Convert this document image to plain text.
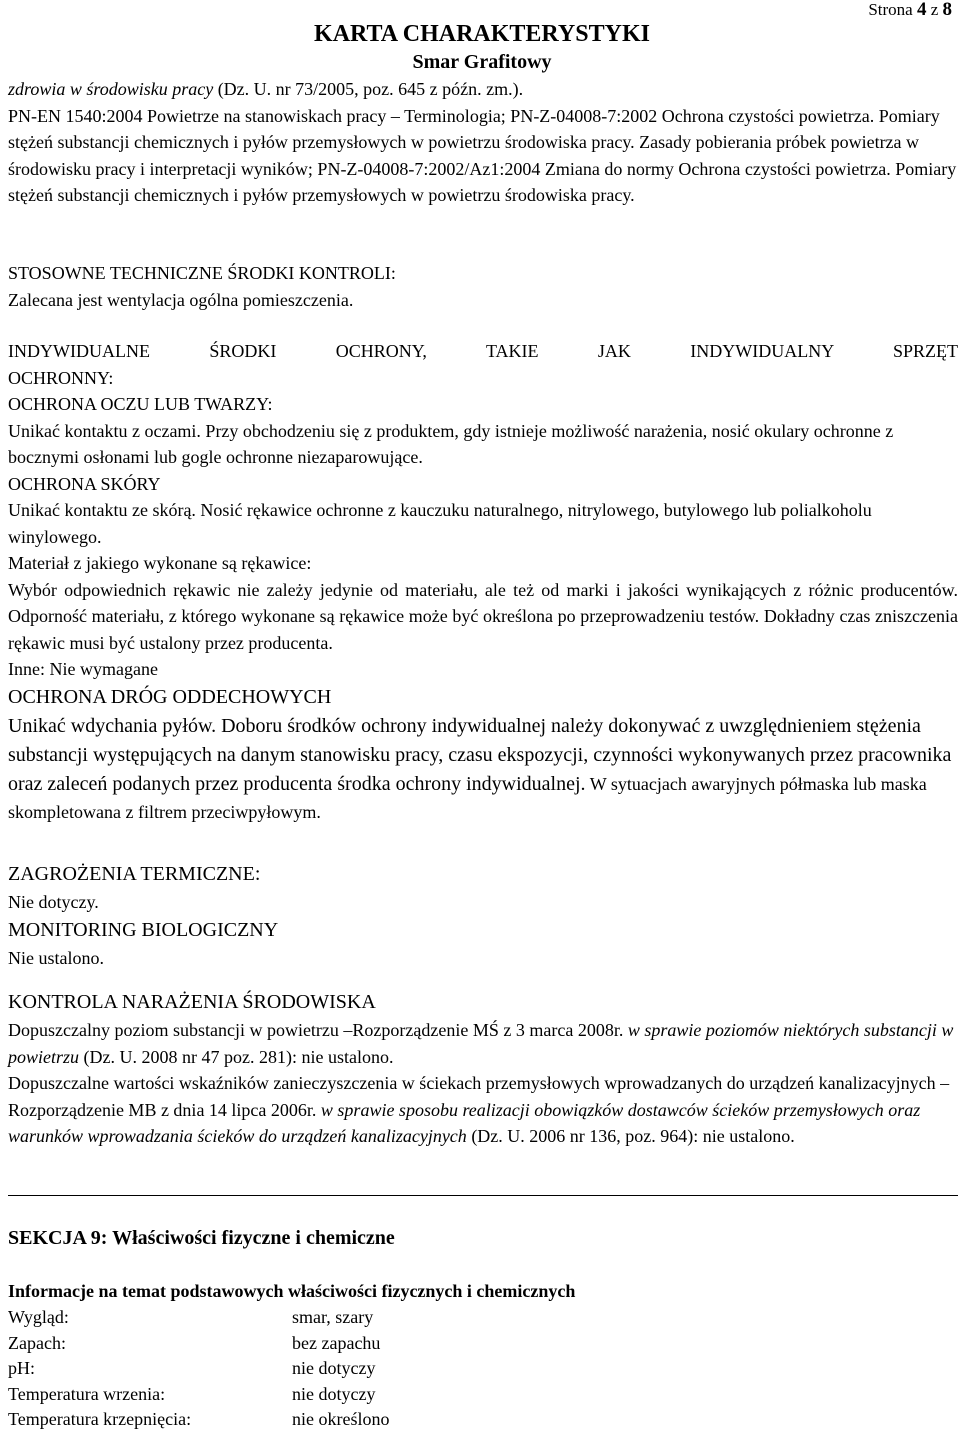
Strona 4 z 8
KARTA CHARAKTERYSTYKI
Smar Grafitowy

zdrowia w środowisku pracy (Dz. U. nr 73/2005, poz. 645 z późn. zm.).

PN-EN 1540:2004 Powietrze na stanowiskach pracy – Terminologia; PN-Z-04008-7:2002 Ochrona czystości powietrza. Pomiary stężeń substancji chemicznych i pyłów przemysłowych w powietrzu środowiska pracy. Zasady pobierania próbek powietrza w środowisku pracy i interpretacji wyników; PN-Z-04008-7:2002/Az1:2004 Zmiana do normy Ochrona czystości powietrza. Pomiary stężeń substancji chemicznych i pyłów przemysłowych w powietrzu środowiska pracy.

STOSOWNE TECHNICZNE ŚRODKI KONTROLI:

Zalecana jest wentylacja ogólna pomieszczenia.

INDYWIDUALNE ŚRODKI OCHRONY, TAKIE JAK INDYWIDUALNY SPRZĘT

OCHRONNY:

OCHRONA OCZU LUB TWARZY:

Unikać kontaktu z oczami. Przy obchodzeniu się z produktem, gdy istnieje możliwość narażenia, nosić okulary ochronne z bocznymi osłonami lub gogle ochronne niezaparowujące.

OCHRONA SKÓRY

Unikać kontaktu ze skórą. Nosić rękawice ochronne z kauczuku naturalnego, nitrylowego, butylowego lub polialkoholu winylowego.

Materiał z jakiego wykonane są rękawice:

Wybór odpowiednich rękawic nie zależy jedynie od materiału, ale też od marki i jakości wynikających z różnic producentów. Odporność materiału, z którego wykonane są rękawice może być określona po przeprowadzeniu testów. Dokładny czas zniszczenia rękawic musi być ustalony przez producenta.

Inne: Nie wymagane

OCHRONA DRÓG ODDECHOWYCH

Unikać wdychania pyłów. Doboru środków ochrony indywidualnej należy dokonywać z uwzględnieniem stężenia substancji występujących na danym stanowisku pracy, czasu ekspozycji, czynności wykonywanych przez pracownika oraz zaleceń podanych przez producenta środka ochrony indywidualnej. W sytuacjach awaryjnych półmaska lub maska skompletowana z filtrem przeciwpyłowym.

ZAGROŻENIA TERMICZNE:

Nie dotyczy.

MONITORING BIOLOGICZNY

Nie ustalono.

KONTROLA NARAŻENIA ŚRODOWISKA

Dopuszczalny poziom substancji w powietrzu –Rozporządzenie MŚ z 3 marca 2008r. w sprawie poziomów niektórych substancji w powietrzu (Dz. U. 2008 nr 47 poz. 281): nie ustalono.

Dopuszczalne wartości wskaźników zanieczyszczenia w ściekach przemysłowych wprowadzanych do urządzeń kanalizacyjnych – Rozporządzenie MB z dnia 14 lipca 2006r. w sprawie sposobu realizacji obowiązków dostawców ścieków przemysłowych oraz warunków wprowadzania ścieków do urządzeń kanalizacyjnych (Dz. U. 2006 nr 136, poz. 964): nie ustalono.

SEKCJA 9: Właściwości fizyczne i chemiczne
Informacje na temat podstawowych właściwości fizycznych i chemicznych
Wygląd:	smar, szary
Zapach:	bez zapachu
pH:	nie dotyczy
Temperatura wrzenia:	nie dotyczy
Temperatura krzepnięcia:	nie określono
